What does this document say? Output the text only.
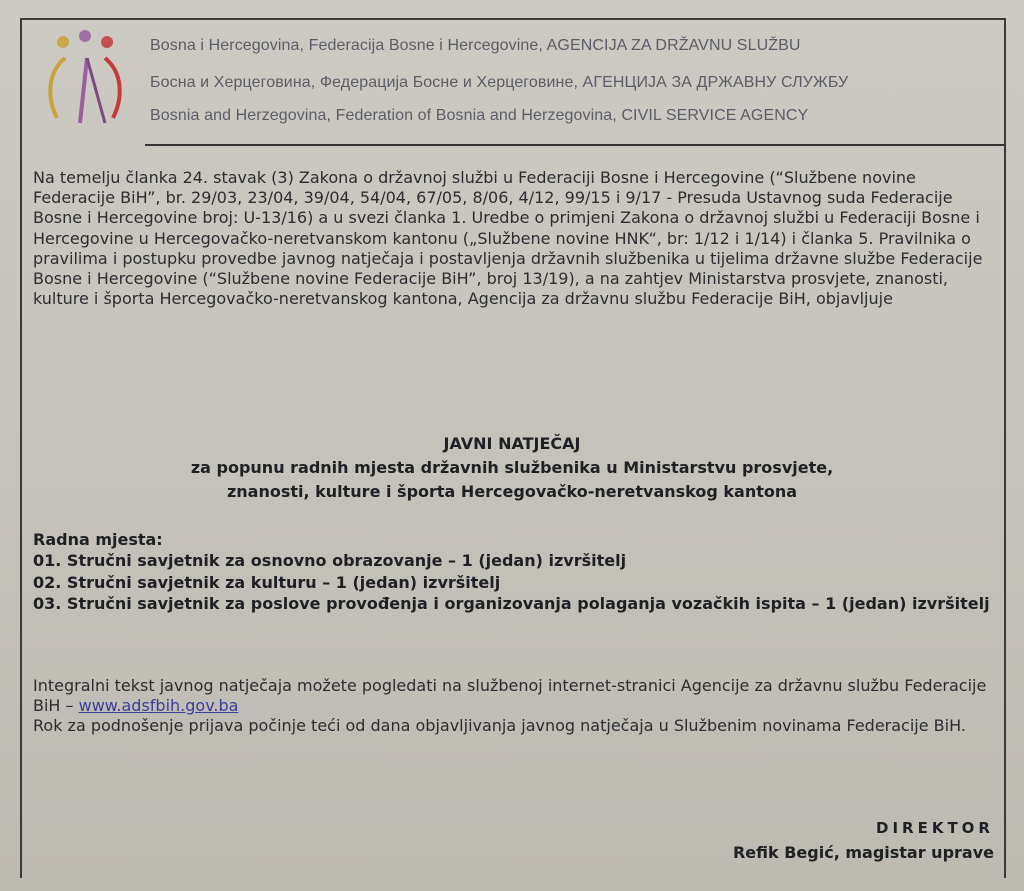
Bosna i Hercegovina, Federacija Bosne i Hercegovine, AGENCIJA ZA DRŽAVNU SLUŽBU
Босна и Херцеговина, Федерација Босне и Херцеговине, АГЕНЦИЈА ЗА ДРЖАВНУ СЛУЖБУ
Bosnia and Herzegovina, Federation of Bosnia and Herzegovina, CIVIL SERVICE AGENCY

Na temelju članka 24. stavak (3) Zakona o državnoj službi u Federaciji Bosne i Hercegovine (“Službene novine Federacije BiH”, br. 29/03, 23/04, 39/04, 54/04, 67/05, 8/06, 4/12, 99/15 i 9/17 - Presuda Ustavnog suda Federacije Bosne i Hercegovine broj: U-13/16) a u svezi članka 1. Uredbe o primjeni Zakona o državnoj službi u Federaciji Bosne i Hercegovine u Hercegovačko-neretvanskom kantonu („Službene novine HNK“, br: 1/12 i 1/14) i članka 5. Pravilnika o pravilima i postupku provedbe javnog natječaja i postavljenja državnih službenika u tijelima državne službe Federacije Bosne i Hercegovine (“Službene novine Federacije BiH”, broj 13/19), a na zahtjev Ministarstva prosvjete, znanosti, kulture i športa Hercegovačko-neretvanskog kantona, Agencija za državnu službu Federacije BiH, objavljuje

JAVNI NATJEČAJ

za popunu radnih mjesta državnih službenika u Ministarstvu prosvjete,

znanosti, kulture i športa Hercegovačko-neretvanskog kantona

Radna mjesta:
01. Stručni savjetnik za osnovno obrazovanje – 1 (jedan) izvršitelj
02. Stručni savjetnik za kulturu – 1 (jedan) izvršitelj
03. Stručni savjetnik za poslove provođenja i organizovanja polaganja vozačkih ispita – 1 (jedan) izvršitelj

Integralni tekst javnog natječaja možete pogledati na službenoj internet-stranici Agencije za državnu službu Federacije BiH – www.adsfbih.gov.ba
Rok za podnošenje prijava počinje teći od dana objavljivanja javnog natječaja u Službenim novinama Federacije BiH.

DIREKTOR
Refik Begić, magistar uprave
